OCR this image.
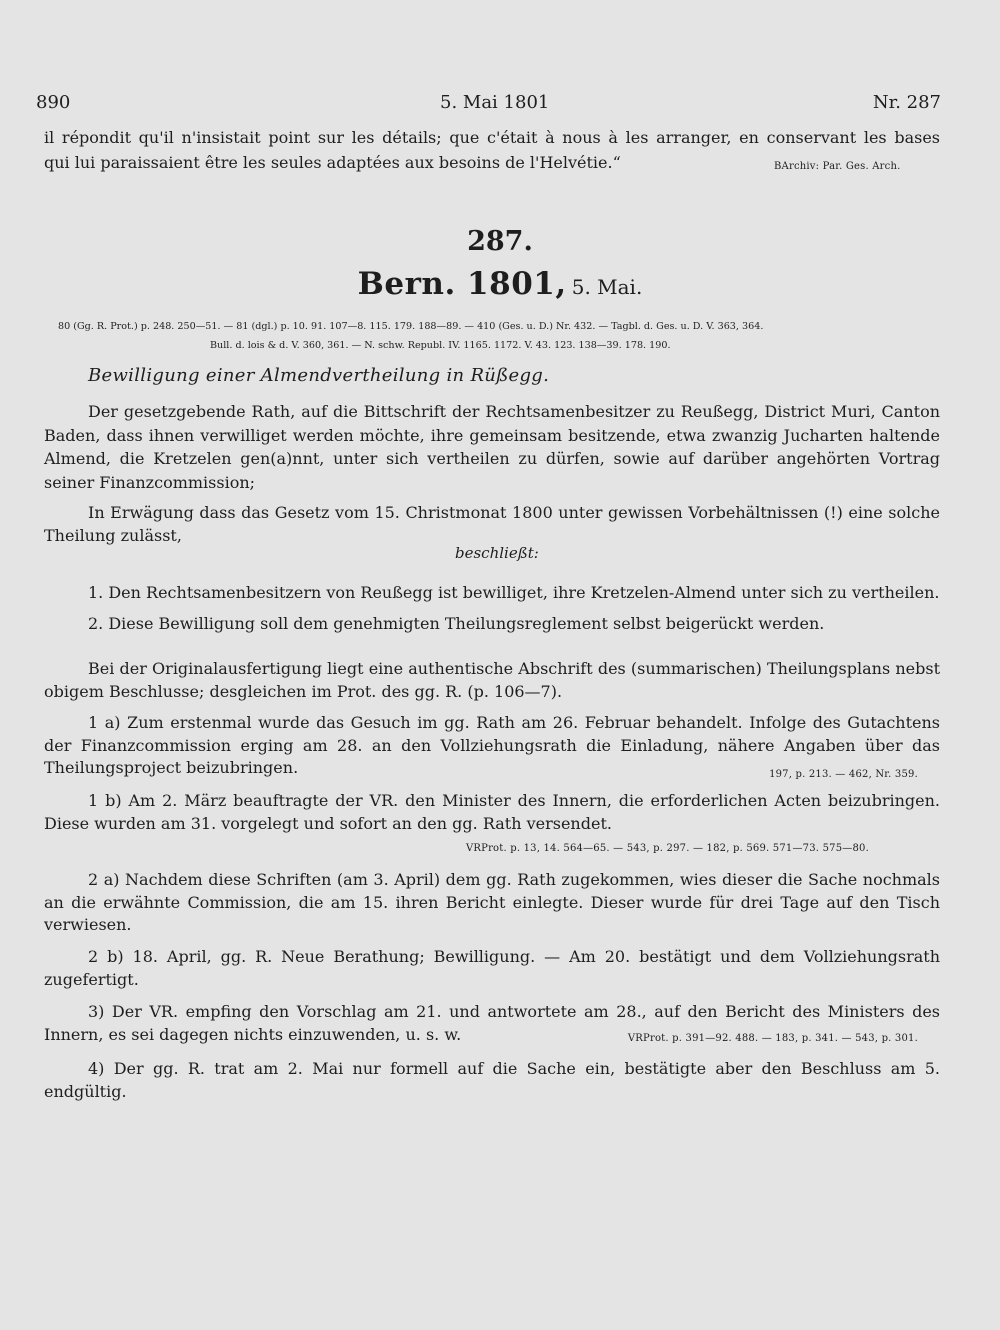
890	5. Mai 1801	Nr. 287
il répondit qu'il n'insistait point sur les détails; que c'était à nous à les arranger, en conservant les bases
qui lui paraissaient être les seules adaptées aux besoins de l'Helvétie.“	BArchiv: Par. Ges. Arch.
287.
Bern. 1801, 5. Mai.
80 (Gg. R. Prot.) p. 248. 250—51. — 81 (dgl.) p. 10. 91. 107—8. 115. 179. 188—89. — 410 (Ges. u. D.) Nr. 432. — Tagbl. d. Ges. u. D. V. 363, 364.
Bull. d. lois & d. V. 360, 361. — N. schw. Republ. IV. 1165. 1172. V. 43. 123. 138—39. 178. 190.
Bewilligung einer Almendvertheilung in Rüßegg.
Der gesetzgebende Rath, auf die Bittschrift der Rechtsamenbesitzer zu Reußegg, District Muri, Canton Baden, dass ihnen verwilliget werden möchte, ihre gemeinsam besitzende, etwa zwanzig Jucharten haltende Almend, die Kretzelen gen(a)nnt, unter sich vertheilen zu dürfen, sowie auf darüber angehörten Vortrag seiner Finanzcommission;
In Erwägung dass das Gesetz vom 15. Christmonat 1800 unter gewissen Vorbehältnissen (!) eine solche Theilung zulässt,
beschließt:
1. Den Rechtsamenbesitzern von Reußegg ist bewilliget, ihre Kretzelen-Almend unter sich zu vertheilen.
2. Diese Bewilligung soll dem genehmigten Theilungsreglement selbst beigerückt werden.
Bei der Originalausfertigung liegt eine authentische Abschrift des (summarischen) Theilungsplans nebst obigem Beschlusse; desgleichen im Prot. des gg. R. (p. 106—7).
1 a) Zum erstenmal wurde das Gesuch im gg. Rath am 26. Februar behandelt. Infolge des Gutachtens der Finanzcommission erging am 28. an den Vollziehungsrath die Einladung, nähere Angaben über das Theilungsproject beizubringen.	197, p. 213. — 462, Nr. 359.
1 b) Am 2. März beauftragte der VR. den Minister des Innern, die erforderlichen Acten beizubringen. Diese wurden am 31. vorgelegt und sofort an den gg. Rath versendet.
VRProt. p. 13, 14. 564—65. — 543, p. 297. — 182, p. 569. 571—73. 575—80.
2 a) Nachdem diese Schriften (am 3. April) dem gg. Rath zugekommen, wies dieser die Sache nochmals an die erwähnte Commission, die am 15. ihren Bericht einlegte. Dieser wurde für drei Tage auf den Tisch verwiesen.
2 b) 18. April, gg. R. Neue Berathung; Bewilligung. — Am 20. bestätigt und dem Vollziehungsrath zugefertigt.
3) Der VR. empfing den Vorschlag am 21. und antwortete am 28., auf den Bericht des Ministers des Innern, es sei dagegen nichts einzuwenden, u. s. w.	VRProt. p. 391—92. 488. — 183, p. 341. — 543, p. 301.
4) Der gg. R. trat am 2. Mai nur formell auf die Sache ein, bestätigte aber den Beschluss am 5. endgültig.
